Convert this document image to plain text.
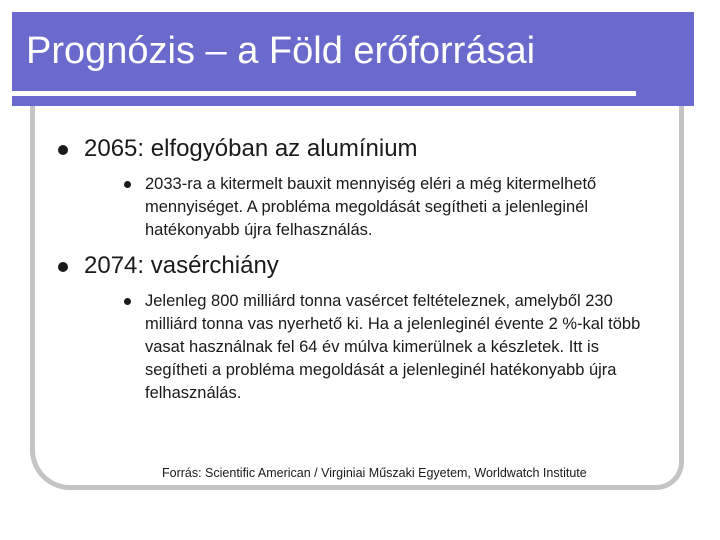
Prognózis – a Föld erőforrásai
2065: elfogyóban az alumínium
2033-ra a kitermelt bauxit mennyiség eléri a még kitermelhető mennyiséget. A probléma megoldását segítheti a jelenleginél hatékonyabb újra felhasználás.
2074: vasérchiány
Jelenleg 800 milliárd tonna vasércet feltételeznek, amelyből 230 milliárd tonna vas nyerhető ki. Ha a jelenleginél évente 2 %-kal több vasat használnak fel 64 év múlva kimerülnek a készletek. Itt is segítheti a probléma megoldását a jelenleginél hatékonyabb újra felhasználás.
Forrás: Scientific American / Virginiai Műszaki Egyetem, Worldwatch Institute
